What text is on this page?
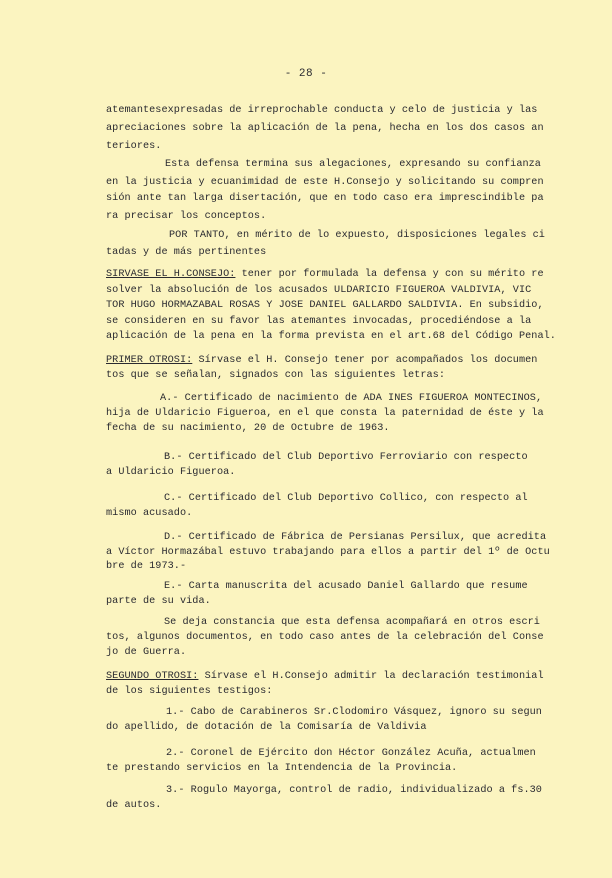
- 28 -
atemantesexpresadas de irreprochable conducta y celo de justicia y las
apreciaciones sobre la aplicación de la pena, hecha en los dos casos an
teriores.
Esta defensa termina sus alegaciones, expresando su confianza
en la justicia y ecuanimidad de este H.Consejo y solicitando su compren
sión ante tan larga disertación, que en todo caso era imprescindible pa
ra precisar los conceptos.
POR TANTO, en mérito de lo expuesto, disposiciones legales ci
tadas y de más pertinentes
SIRVASE EL H.CONSEJO: tener por formulada la defensa y con su mérito re
solver la absolución de los acusados ULDARICIO FIGUEROA VALDIVIA, VIC
TOR HUGO HORMAZABAL ROSAS Y JOSE DANIEL GALLARDO SALDIVIA. En subsidio,
se consideren en su favor las atemantes invocadas, procediéndose a la
aplicación de la pena en la forma prevista en el art.68 del Código Penal.
PRIMER OTROSI: Sírvase el H. Consejo tener por acompañados los documen
tos que se señalan, signados con las siguientes letras:
A.- Certificado de nacimiento de ADA INES FIGUEROA MONTECINOS,
hija de Uldaricio Figueroa, en el que consta la paternidad de éste y la
fecha de su nacimiento, 20 de Octubre de 1963.
B.- Certificado del Club Deportivo Ferroviario con respecto
a Uldaricio Figueroa.
C.- Certificado del Club Deportivo Collico, con respecto al
mismo acusado.
D.- Certificado de Fábrica de Persianas Persilux, que acredita
a Víctor Hormazábal estuvo trabajando para ellos a partir del 1º de Octu
bre de 1973.-
E.- Carta manuscrita del acusado Daniel Gallardo que resume
parte de su vida.
Se deja constancia que esta defensa acompañará en otros escri
tos, algunos documentos, en todo caso antes de la celebración del Conse
jo de Guerra.
SEGUNDO OTROSI: Sírvase el H.Consejo admitir la declaración testimonial
de los siguientes testigos:
1.- Cabo de Carabineros Sr.Clodomiro Vásquez, ignoro su segun
do apellido, de dotación de la Comisaría de Valdivia
2.- Coronel de Ejército don Héctor González Acuña, actualmen
te prestando servicios en la Intendencia de la Provincia.
3.- Rogulo Mayorga, control de radio, individualizado a fs.30
de autos.
